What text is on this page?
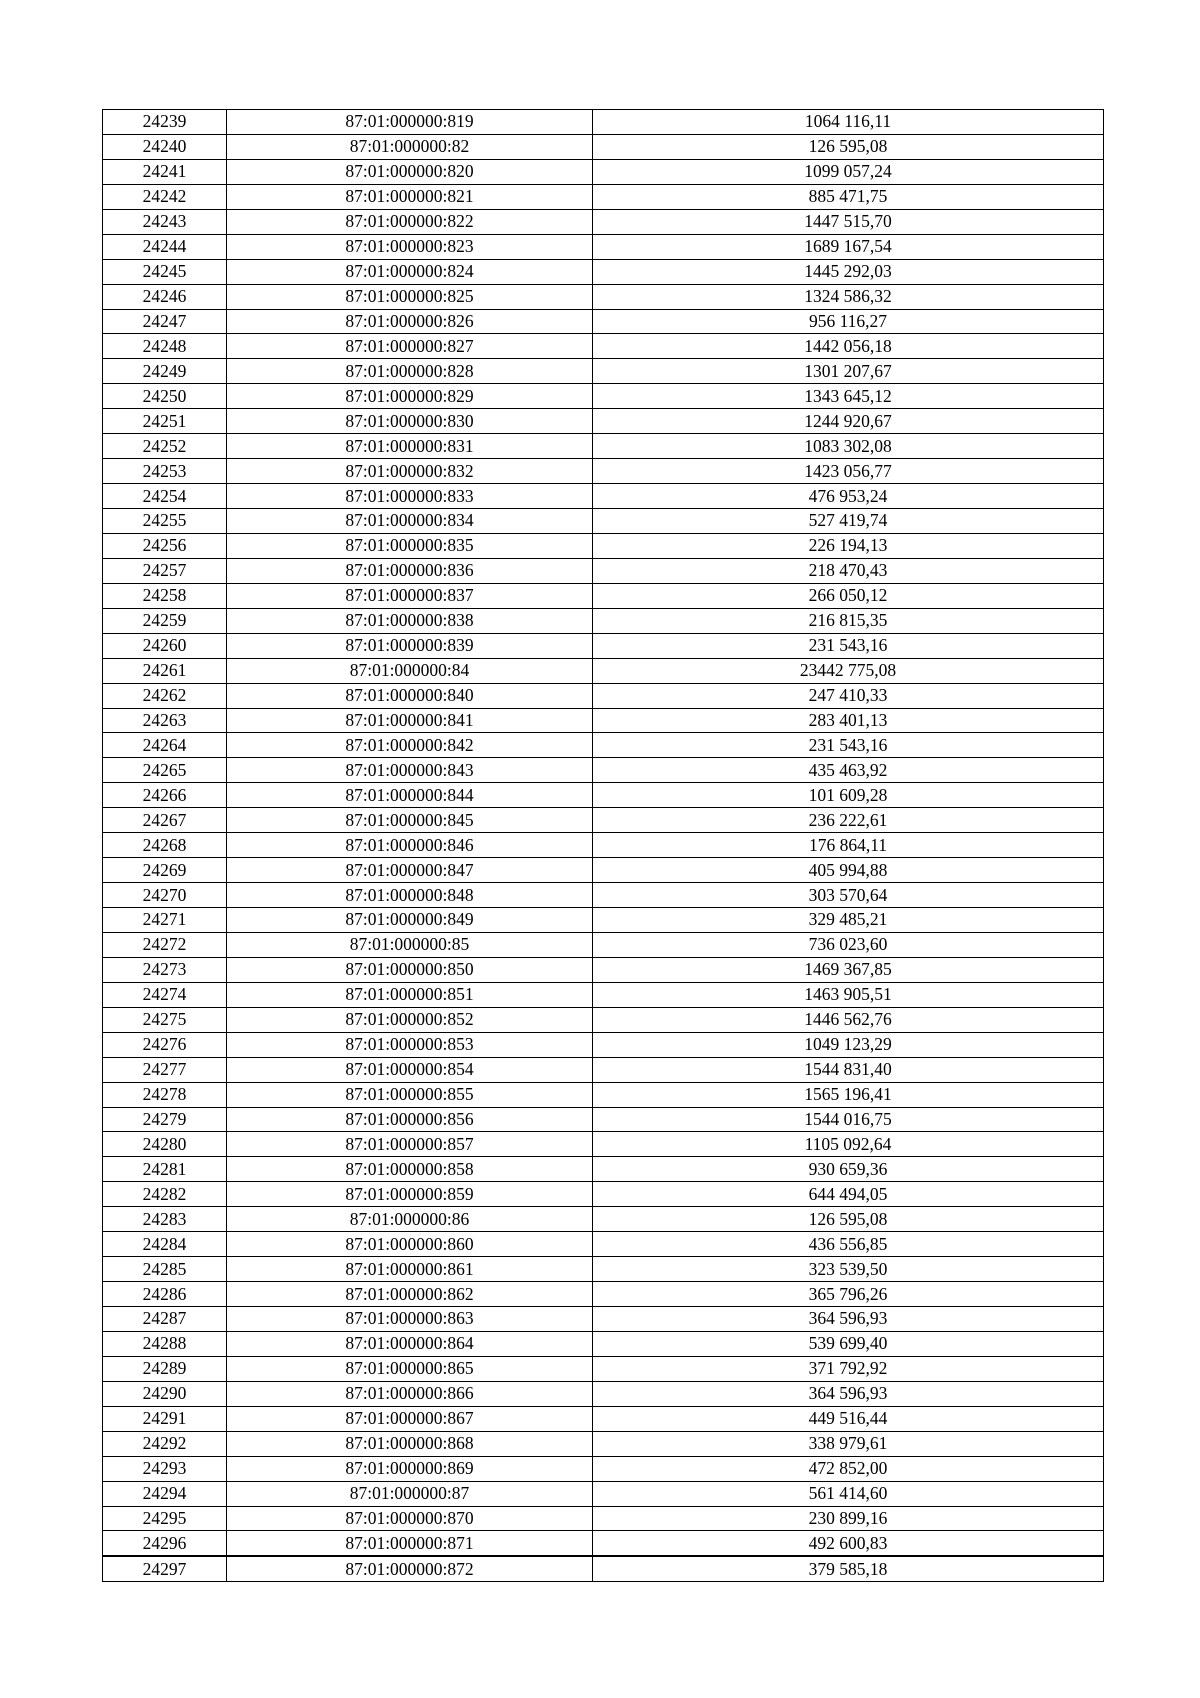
24239	87:01:000000:819	1064 116,11
24240	87:01:000000:82	126 595,08
24241	87:01:000000:820	1099 057,24
24242	87:01:000000:821	885 471,75
24243	87:01:000000:822	1447 515,70
24244	87:01:000000:823	1689 167,54
24245	87:01:000000:824	1445 292,03
24246	87:01:000000:825	1324 586,32
24247	87:01:000000:826	956 116,27
24248	87:01:000000:827	1442 056,18
24249	87:01:000000:828	1301 207,67
24250	87:01:000000:829	1343 645,12
24251	87:01:000000:830	1244 920,67
24252	87:01:000000:831	1083 302,08
24253	87:01:000000:832	1423 056,77
24254	87:01:000000:833	476 953,24
24255	87:01:000000:834	527 419,74
24256	87:01:000000:835	226 194,13
24257	87:01:000000:836	218 470,43
24258	87:01:000000:837	266 050,12
24259	87:01:000000:838	216 815,35
24260	87:01:000000:839	231 543,16
24261	87:01:000000:84	23442 775,08
24262	87:01:000000:840	247 410,33
24263	87:01:000000:841	283 401,13
24264	87:01:000000:842	231 543,16
24265	87:01:000000:843	435 463,92
24266	87:01:000000:844	101 609,28
24267	87:01:000000:845	236 222,61
24268	87:01:000000:846	176 864,11
24269	87:01:000000:847	405 994,88
24270	87:01:000000:848	303 570,64
24271	87:01:000000:849	329 485,21
24272	87:01:000000:85	736 023,60
24273	87:01:000000:850	1469 367,85
24274	87:01:000000:851	1463 905,51
24275	87:01:000000:852	1446 562,76
24276	87:01:000000:853	1049 123,29
24277	87:01:000000:854	1544 831,40
24278	87:01:000000:855	1565 196,41
24279	87:01:000000:856	1544 016,75
24280	87:01:000000:857	1105 092,64
24281	87:01:000000:858	930 659,36
24282	87:01:000000:859	644 494,05
24283	87:01:000000:86	126 595,08
24284	87:01:000000:860	436 556,85
24285	87:01:000000:861	323 539,50
24286	87:01:000000:862	365 796,26
24287	87:01:000000:863	364 596,93
24288	87:01:000000:864	539 699,40
24289	87:01:000000:865	371 792,92
24290	87:01:000000:866	364 596,93
24291	87:01:000000:867	449 516,44
24292	87:01:000000:868	338 979,61
24293	87:01:000000:869	472 852,00
24294	87:01:000000:87	561 414,60
24295	87:01:000000:870	230 899,16
24296	87:01:000000:871	492 600,83
24297	87:01:000000:872	379 585,18
